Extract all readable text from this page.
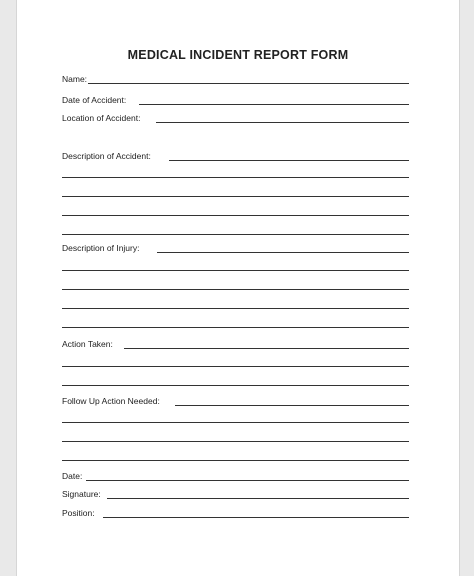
MEDICAL INCIDENT REPORT FORM
Name:
Date of Accident:
Location of Accident:
Description of Accident:
Description of Injury:
Action Taken:
Follow Up Action Needed:
Date:
Signature:
Position:
